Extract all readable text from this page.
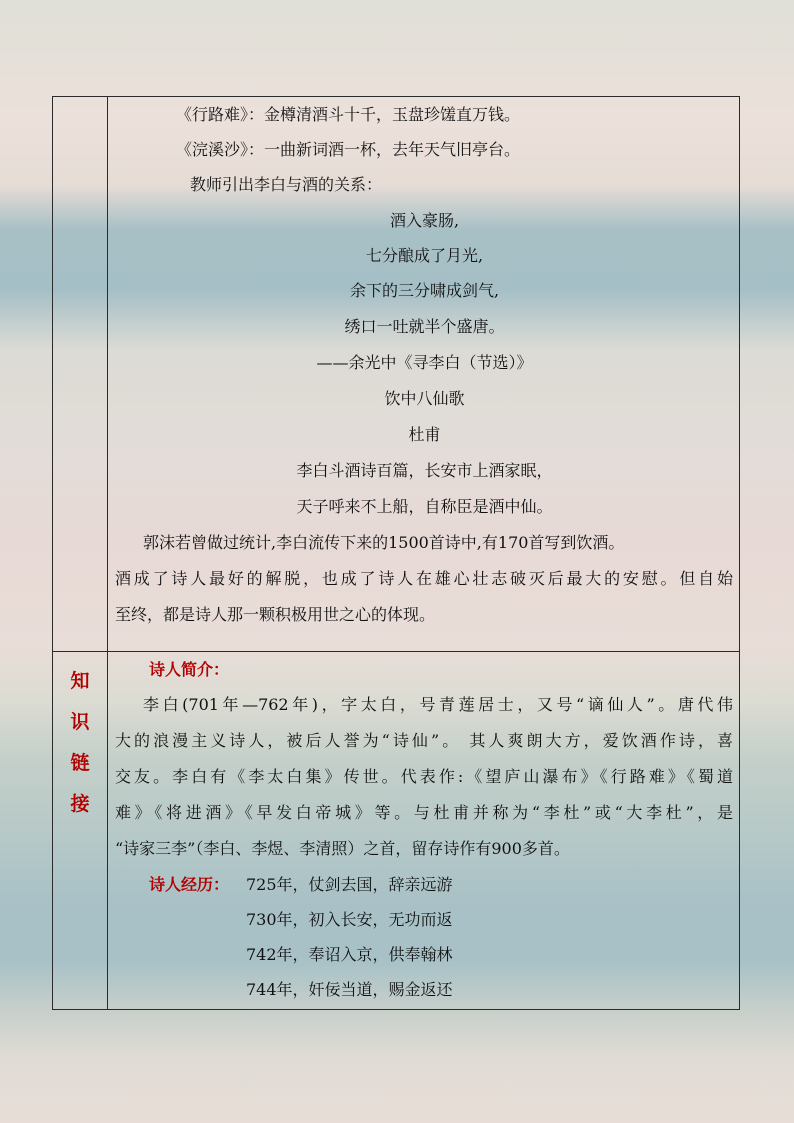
《行路难》：金樽清酒斗十千，玉盘珍馐直万钱。
《浣溪沙》：一曲新词酒一杯，去年天气旧亭台。
教师引出李白与酒的关系：
酒入豪肠,
七分酿成了月光,
余下的三分啸成剑气,
绣口一吐就半个盛唐。
——余光中《寻李白（节选）》
饮中八仙歌
杜甫
李白斗酒诗百篇，长安市上酒家眠，
天子呼来不上船，自称臣是酒中仙。
郭沫若曾做过统计,李白流传下来的1500首诗中,有170首写到饮酒。
酒成了诗人最好的解脱，也成了诗人在雄心壮志破灭后最大的安慰。但自始
至终，都是诗人那一颗积极用世之心的体现。
知
识
链
接
诗人简介：
李白(701年—762年)，字太白，号青莲居士，又号“谪仙人”。唐代伟
大的浪漫主义诗人，被后人誉为“诗仙”。 其人爽朗大方，爱饮酒作诗，喜
交友。李白有《李太白集》传世。代表作:《望庐山瀑布》《行路难》《蜀道
难》《将进酒》《早发白帝城》等。与杜甫并称为“李杜”或“大李杜”，是
“诗家三李”（李白、李煜、李清照）之首，留存诗作有900多首。
诗人经历： 725年，仗剑去国，辞亲远游
730年，初入长安，无功而返
742年，奉诏入京，供奉翰林
744年，奸佞当道，赐金返还
